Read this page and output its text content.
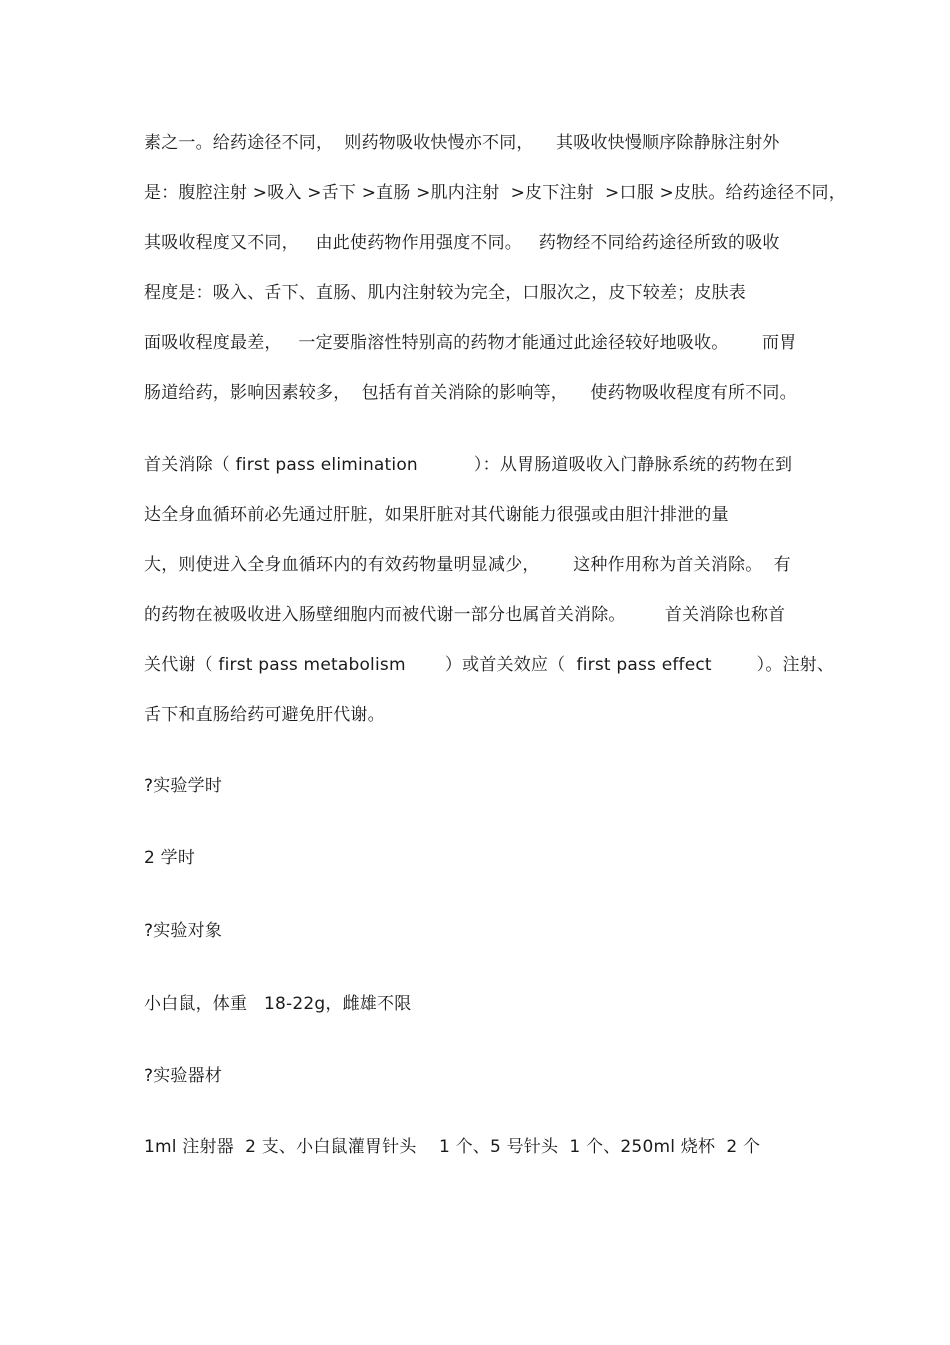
素之一。给药途径不同，  则药物吸收快慢亦不同，    其吸收快慢顺序除静脉注射外
是：腹腔注射 >吸入 >舌下 >直肠 >肌内注射  >皮下注射  >口服 >皮肤。给药途径不同，
其吸收程度又不同，   由此使药物作用强度不同。   药物经不同给药途径所致的吸收
程度是：吸入、舌下、直肠、肌内注射较为完全，口服次之，皮下较差；皮肤表
面吸收程度最差，   一定要脂溶性特别高的药物才能通过此途径较好地吸收。      而胃
肠道给药，影响因素较多，  包括有首关消除的影响等，    使药物吸收程度有所不同。
首关消除（ first pass elimination          ）：从胃肠道吸收入门静脉系统的药物在到
达全身血循环前必先通过肝脏，如果肝脏对其代谢能力很强或由胆汁排泄的量
大，则使进入全身血循环内的有效药物量明显减少，      这种作用称为首关消除。  有
的药物在被吸收进入肠壁细胞内而被代谢一部分也属首关消除。       首关消除也称首
关代谢（ first pass metabolism       ）或首关效应（  first pass effect        ）。注射、
舌下和直肠给药可避免肝代谢。
?实验学时
2 学时
?实验对象
小白鼠，体重   18-22g，雌雄不限
?实验器材
1ml 注射器  2 支、小白鼠灌胃针头    1 个、5 号针头  1 个、250ml 烧杯  2 个
